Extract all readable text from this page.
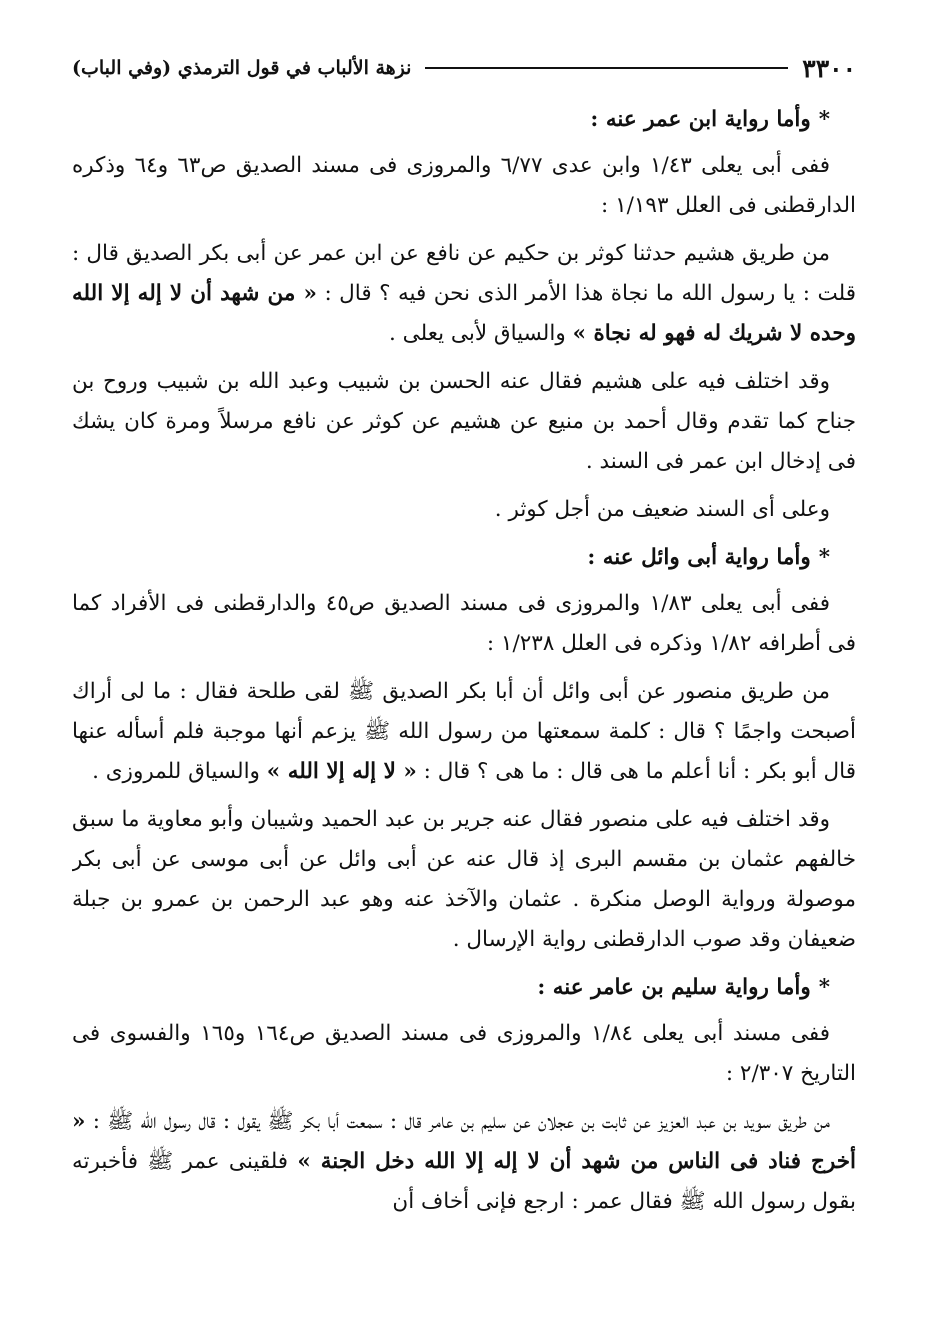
٣٣٠٠
نزهة الألباب في قول الترمذي (وفي الباب)
*وأما رواية ابن عمر عنه :

ففى أبى يعلى ١/٤٣ وابن عدى ٦/٧٧ والمروزى فى مسند الصديق ص٦٣ و٦٤ وذكره الدارقطنى فى العلل ١/١٩٣ :

من طريق هشيم حدثنا كوثر بن حكيم عن نافع عن ابن عمر عن أبى بكر الصديق قال : قلت : يا رسول الله ما نجاة هذا الأمر الذى نحن فيه ؟ قال : « من شهد أن لا إله إلا الله وحده لا شريك له فهو له نجاة » والسياق لأبى يعلى .

وقد اختلف فيه على هشيم فقال عنه الحسن بن شبيب وعبد الله بن شبيب وروح بن جناح كما تقدم وقال أحمد بن منيع عن هشيم عن كوثر عن نافع مرسلاً ومرة كان يشك فى إدخال ابن عمر فى السند .

وعلى أى السند ضعيف من أجل كوثر .

*وأما رواية أبى وائل عنه :

ففى أبى يعلى ١/٨٣ والمروزى فى مسند الصديق ص٤٥ والدارقطنى فى الأفراد كما فى أطرافه ١/٨٢ وذكره فى العلل ١/٢٣٨ :

من طريق منصور عن أبى وائل أن أبا بكر الصديق ﷺ لقى طلحة فقال : ما لى أراك أصبحت واجمًا ؟ قال : كلمة سمعتها من رسول الله ﷺ يزعم أنها موجبة فلم أسأله عنها قال أبو بكر : أنا أعلم ما هى قال : ما هى ؟ قال : « لا إله إلا الله » والسياق للمروزى .

وقد اختلف فيه على منصور فقال عنه جرير بن عبد الحميد وشيبان وأبو معاوية ما سبق خالفهم عثمان بن مقسم البرى إذ قال عنه عن أبى وائل عن أبى موسى عن أبى بكر موصولة ورواية الوصل منكرة . عثمان والآخذ عنه وهو عبد الرحمن بن عمرو بن جبلة ضعيفان وقد صوب الدارقطنى رواية الإرسال .

*وأما رواية سليم بن عامر عنه :

ففى مسند أبى يعلى ١/٨٤ والمروزى فى مسند الصديق ص١٦٤ و١٦٥ والفسوى فى التاريخ ٢/٣٠٧ :

من طريق سويد بن عبد العزيز عن ثابت بن عجلان عن سليم بن عامر قال : سمعت أبا بكر ﷺ يقول : قال رسول الله ﷺ : « أخرج فناد فى الناس من شهد أن لا إله إلا الله دخل الجنة » فلقينى عمر ﷺ فأخبرته بقول رسول الله ﷺ فقال عمر : ارجع فإنى أخاف أن
